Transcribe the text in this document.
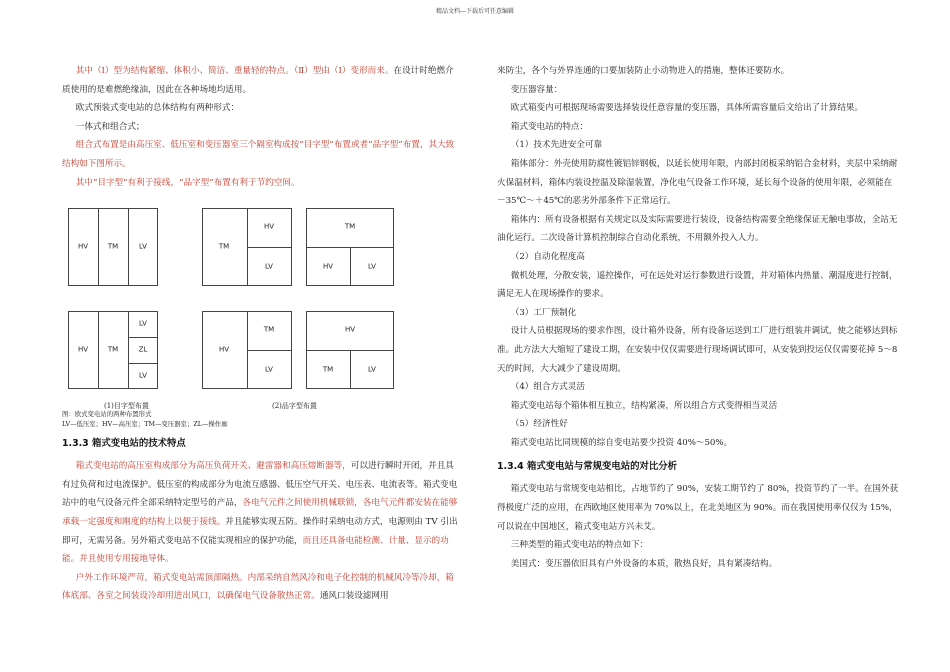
精品文档---下载后可任意编辑

其中（Ⅰ）型为结构紧缩、体积小、简洁、重量轻的特点。（Ⅱ）型由（Ⅰ）变形而来。在设计时绝燃介质使用的是难燃绝缘油，因此在各种场地均适用。

欧式预装式变电站的总体结构有两种形式：

一体式和组合式；

组合式布置是由高压室、低压室和变压器室三个隔室构成按“目字型”布置或者“品字型”布置，其大致结构如下图所示。

其中“目字型”有利于接线，“品字型”布置有利于节约空间。

HV	TM	LV	TM
HV
LV
TM
HV	LV
HV	TM
LV
ZL
LV
HV
TM
LV
HV
TM	LV
(1)目字型布置	(2)品字型布置

图：欧式变电站的两种布置形式

LV—低压室；HV—高压室；TM—变压器室；ZL—操作廊

1.3.3 箱式变电站的技术特点

箱式变电站的高压室构成部分为高压负荷开关、避雷器和高压熔断器等，可以进行瞬时开闭，并且具有过负荷和过电流保护。低压室的构成部分为电流互感器、低压空气开关、电压表、电流表等。箱式变电站中的电气设备元件全部采纳特定型号的产品，各电气元件之间使用机械联锁，各电气元件都安装在能够承载一定强度和刚度的结构上以便于接线。并且能够实现五防。操作时采纳电动方式，电源则由 TV 引出即可，无需另备。另外箱式变电站不仅能实现相应的保护功能，而且还具备电能检测、计量、显示的功能。并且使用专用接地导体。

户外工作环境严苛，箱式变电站需顶部隔热。内部采纳自然风冷和电子化控制的机械风冷等冷却，箱体底部、各室之间装设冷却用进出风口，以确保电气设备散热正常。通风口装设滤网用

来防尘，各个与外界连通的口要加装防止小动物进入的措施，整体还要防水。

变压器容量：

欧式箱变内可根据现场需要选择装设任意容量的变压器，具体所需容量后文给出了计算结果。

箱式变电站的特点：

（1）技术先进安全可靠

箱体部分：外壳使用防腐性镀铝锌钢板，以延长使用年限，内部封闭板采纳铝合金材料，夹层中采纳耐火保温材料，箱体内装设控温及除湿装置，净化电气设备工作环境，延长每个设备的使用年限，必须能在－35℃～＋45℃的恶劣外部条件下正常运行。

箱体内：所有设备根据有关规定以及实际需要进行装设，设备结构需要全绝缘保证无触电事故，全站无油化运行。二次设备计算机控制综合自动化系统，不用额外投入人力。

（2）自动化程度高

微机处理，分散安装，遥控操作，可在远处对运行参数进行设置，并对箱体内热量、潮湿度进行控制，满足无人在现场操作的要求。

（3）工厂预制化

设计人员根据现场的要求作图，设计箱外设备，所有设备运送到工厂进行组装并调试，使之能够达到标准。此方法大大缩短了建设工期，在安装中仅仅需要进行现场调试即可，从安装到投运仅仅需要花掉 5～8 天的时间，大大减少了建设周期。

（4）组合方式灵活

箱式变电站每个箱体相互独立，结构紧凑，所以组合方式变得相当灵活

（5）经济性好

箱式变电站比同规模的综自变电站要少投资 40%～50%。

1.3.4 箱式变电站与常规变电站的对比分析

箱式变电站与常规变电站相比，占地节约了 90%，安装工期节约了 80%，投资节约了一半。在国外获得极度广泛的应用，在西欧地区使用率为 70%以上，在北美地区为 90%。而在我国使用率仅仅为 15%，可以说在中国地区，箱式变电站方兴未艾。

三种类型的箱式变电站的特点如下：

美国式：变压器依旧具有户外设备的本质，散热良好，具有紧凑结构。
